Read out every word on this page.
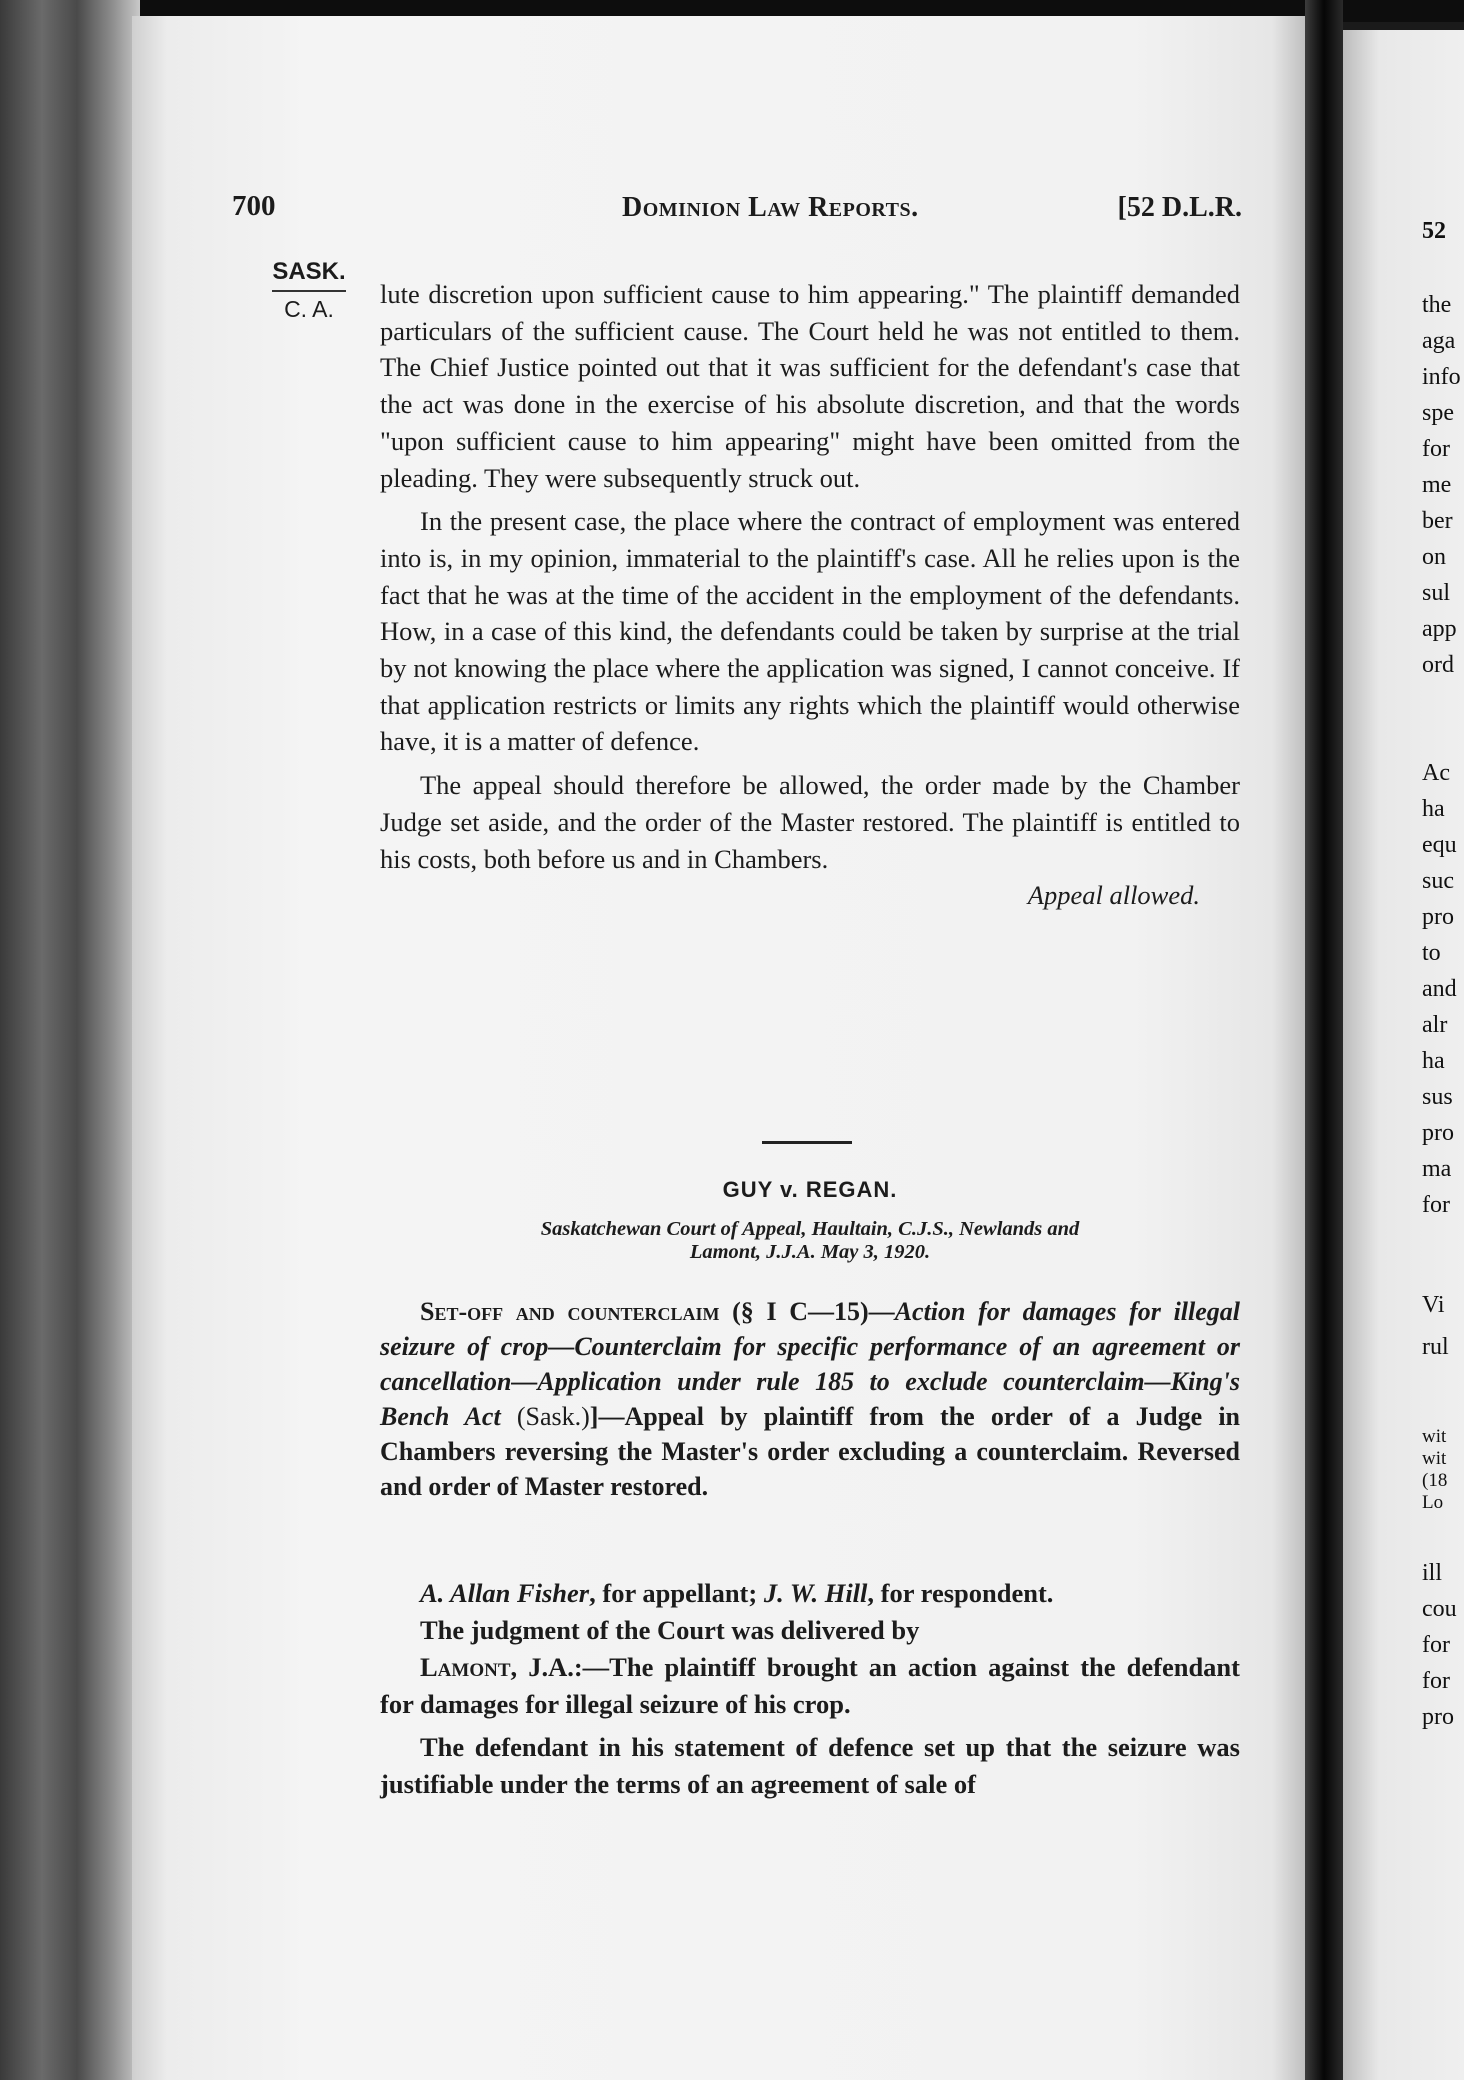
52
the
aga
info
spe
for
me
ber
on
sul
app
ord
Ac
ha
equ
suc
pro
to
and
alr
ha
sus
pro
ma
for
Vi
rul
wit
wit
(18
Lo
ill
cou
for
for
pro
700	Dominion Law Reports.	[52 D.L.R.
SASK.
C. A.	lute discretion upon sufficient cause to him appearing." The plaintiff demanded particulars of the sufficient cause. The Court held he was not entitled to them. The Chief Justice pointed out that it was sufficient for the defendant's case that the act was done in the exercise of his absolute discretion, and that the words "upon sufficient cause to him appearing" might have been omitted from the pleading. They were subsequently struck out.

In the present case, the place where the contract of employment was entered into is, in my opinion, immaterial to the plaintiff's case. All he relies upon is the fact that he was at the time of the accident in the employment of the defendants. How, in a case of this kind, the defendants could be taken by surprise at the trial by not knowing the place where the application was signed, I cannot conceive. If that application restricts or limits any rights which the plaintiff would otherwise have, it is a matter of defence.

The appeal should therefore be allowed, the order made by the Chamber Judge set aside, and the order of the Master restored. The plaintiff is entitled to his costs, both before us and in Chambers.

Appeal allowed.

GUY v. REGAN.
Saskatchewan Court of Appeal, Haultain, C.J.S., Newlands and
Lamont, J.J.A. May 3, 1920.

Set-off and counterclaim (§ I C—15)—Action for damages for illegal seizure of crop—Counterclaim for specific performance of an agreement or cancellation—Application under rule 185 to exclude counterclaim—King's Bench Act (Sask.)]—Appeal by plaintiff from the order of a Judge in Chambers reversing the Master's order excluding a counterclaim. Reversed and order of Master restored.

A. Allan Fisher, for appellant; J. W. Hill, for respondent.

The judgment of the Court was delivered by

Lamont, J.A.:—The plaintiff brought an action against the defendant for damages for illegal seizure of his crop.

The defendant in his statement of defence set up that the seizure was justifiable under the terms of an agreement of sale of
